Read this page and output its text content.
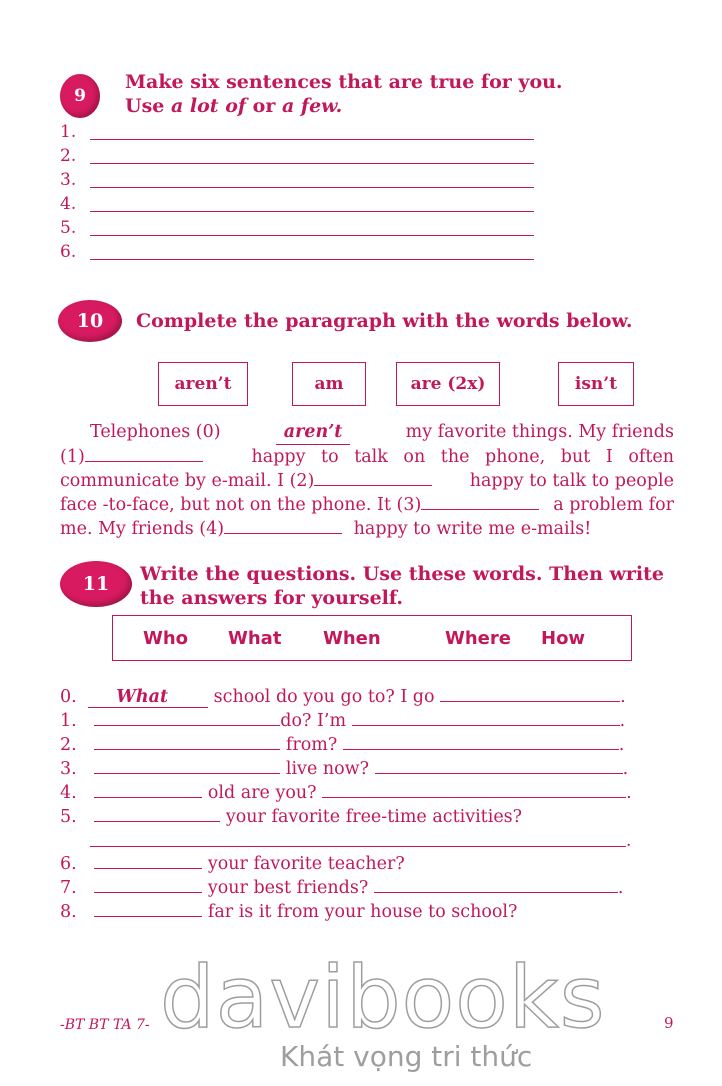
9
Make six sentences that are true for you.
Use a lot of or a few.
1.
2.
3.
4.
5.
6.
10	Complete the paragraph with the words below.
aren’t	am	are (2x)	isn’t
Telephones (0)	aren’t	my favorite things. My friends
(1)	happy to talk on the phone, but I often
communicate by e-mail. I (2)	happy to talk to people
face -to-face, but not on the phone. It (3)	a problem for
me. My friends (4)	happy to write me e-mails!
11	Write the questions. Use these words. Then write
the answers for yourself.
Who What When	Where How
0. What	school do you go to? I go	.
1.	do? I’m	.
2.	from?	.
3.	live now?	.
4.	old are you?	.
5.	your favorite free-time activities?
.
6.	your favorite teacher?
7.	your best friends?	.
8.	far is it from your house to school?
-BT BT TA 7-	9
davibooks
Khát vọng tri thức
